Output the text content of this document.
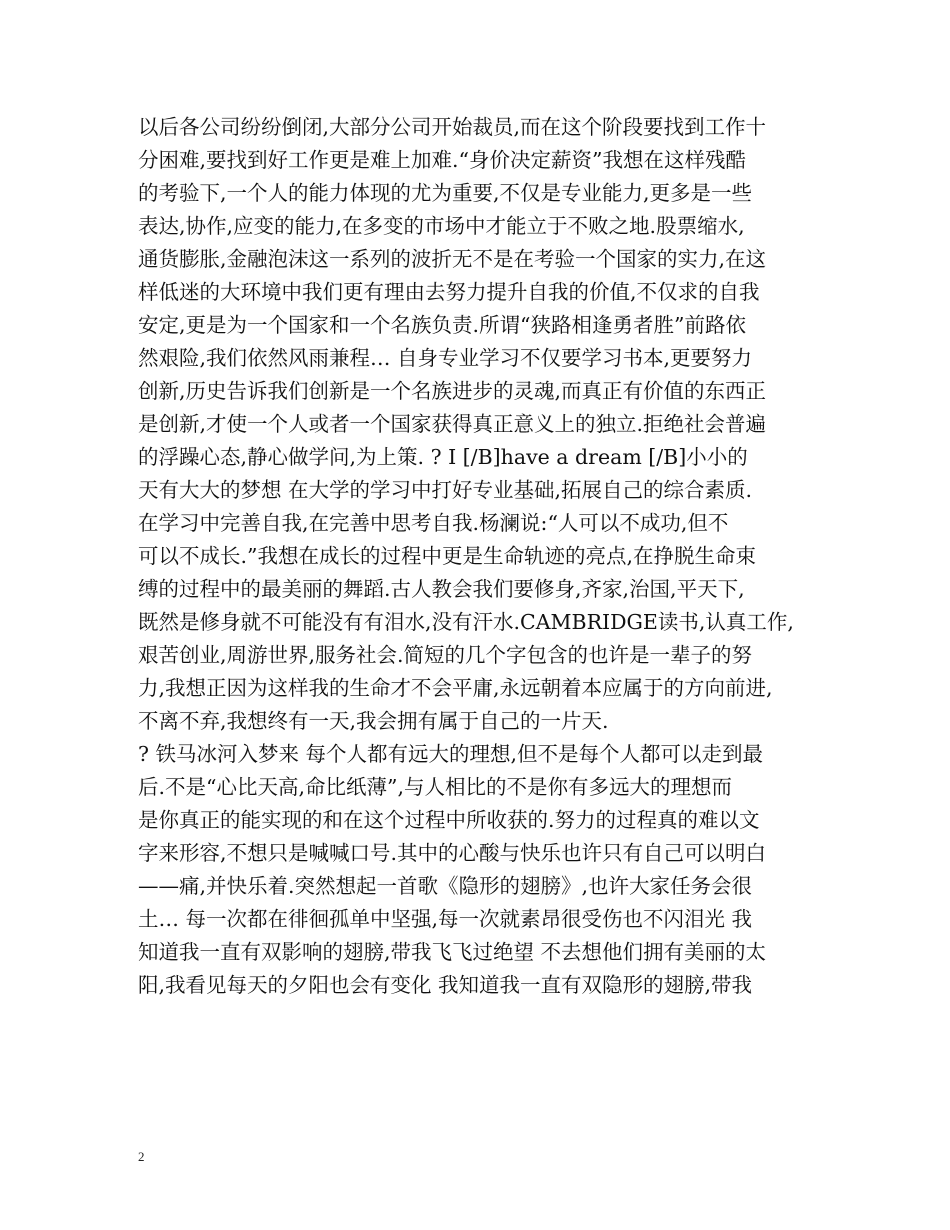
以后各公司纷纷倒闭,大部分公司开始裁员,而在这个阶段要找到工作十
分困难,要找到好工作更是难上加难.“身价决定薪资”我想在这样残酷
的考验下,一个人的能力体现的尤为重要,不仅是专业能力,更多是一些
表达,协作,应变的能力,在多变的市场中才能立于不败之地.股票缩水,
通货膨胀,金融泡沫这一系列的波折无不是在考验一个国家的实力,在这
样低迷的大环境中我们更有理由去努力提升自我的价值,不仅求的自我
安定,更是为一个国家和一个名族负责.所谓“狭路相逢勇者胜”前路依
然艰险,我们依然风雨兼程… 自身专业学习不仅要学习书本,更要努力
创新,历史告诉我们创新是一个名族进步的灵魂,而真正有价值的东西正
是创新,才使一个人或者一个国家获得真正意义上的独立.拒绝社会普遍
的浮躁心态,静心做学问,为上策. ? I [/B]have a dream [/B]小小的
天有大大的梦想 在大学的学习中打好专业基础,拓展自己的综合素质.
在学习中完善自我,在完善中思考自我.杨澜说:“人可以不成功,但不
可以不成长.”我想在成长的过程中更是生命轨迹的亮点,在挣脱生命束
缚的过程中的最美丽的舞蹈.古人教会我们要修身,齐家,治国,平天下,
既然是修身就不可能没有有泪水,没有汗水.CAMBRIDGE读书,认真工作,
艰苦创业,周游世界,服务社会.简短的几个字包含的也许是一辈子的努
力,我想正因为这样我的生命才不会平庸,永远朝着本应属于的方向前进,
不离不弃,我想终有一天,我会拥有属于自己的一片天.
? 铁马冰河入梦来 每个人都有远大的理想,但不是每个人都可以走到最
后.不是“心比天高,命比纸薄”,与人相比的不是你有多远大的理想而
是你真正的能实现的和在这个过程中所收获的.努力的过程真的难以文
字来形容,不想只是喊喊口号.其中的心酸与快乐也许只有自己可以明白
——痛,并快乐着.突然想起一首歌《隐形的翅膀》,也许大家任务会很
土… 每一次都在徘徊孤单中坚强,每一次就素昂很受伤也不闪泪光 我
知道我一直有双影响的翅膀,带我飞飞过绝望 不去想他们拥有美丽的太
阳,我看见每天的夕阳也会有变化 我知道我一直有双隐形的翅膀,带我
2
